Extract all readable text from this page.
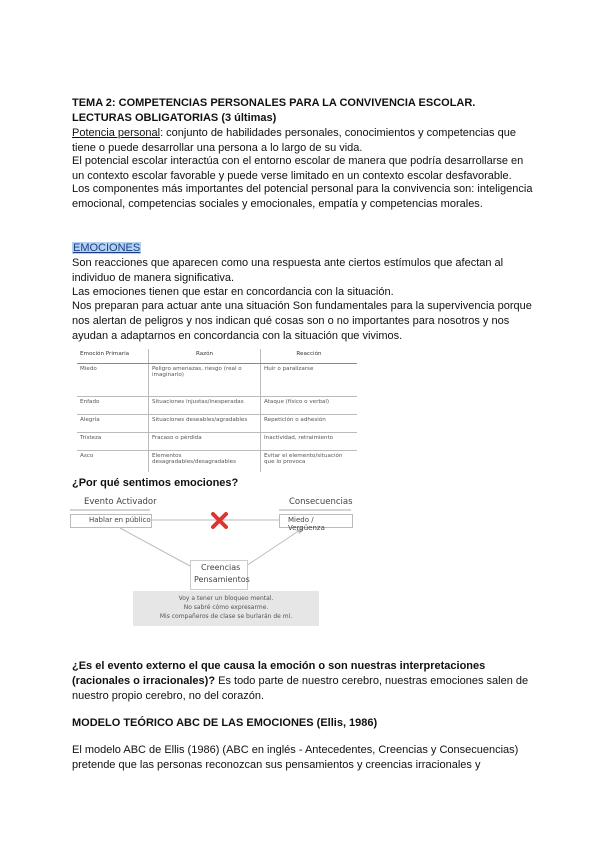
TEMA 2: COMPETENCIAS PERSONALES PARA LA CONVIVENCIA ESCOLAR.
LECTURAS OBLIGATORIAS (3 últimas)

Potencia personal: conjunto de habilidades personales, conocimientos y competencias que tiene o puede desarrollar una persona a lo largo de su vida.

El potencial escolar interactúa con el entorno escolar de manera que podría desarrollarse en un contexto escolar favorable y puede verse limitado en un contexto escolar desfavorable.

Los componentes más importantes del potencial personal para la convivencia son: inteligencia emocional, competencias sociales y emocionales, empatía y competencias morales.

EMOCIONES

Son reacciones que aparecen como una respuesta ante ciertos estímulos que afectan al individuo de manera significativa.

Las emociones tienen que estar en concordancia con la situación.

Nos preparan para actuar ante una situación Son fundamentales para la supervivencia porque nos alertan de peligros y nos indican qué cosas son o no importantes para nosotros y nos ayudan a adaptarnos en concordancia con la situación que vivimos.

Emoción Primaria	Razón	Reacción
Miedo	Peligro amenazas, riesgo (real o imaginario)	Huir o paralizarse
Enfado	Situaciones injustas/inesperadas	Ataque (físico o verbal)
Alegría	Situaciones deseables/agradables	Repetición o adhesión
Tristeza	Fracaso o pérdida	Inactividad, retraimiento
Asco	Elementos desagradables/desagradables	Evitar el elemento/situación que lo provoca

¿Por qué sentimos emociones?

Evento Activador
Hablar en público
Consecuencias
Miedo / Vergüenza
Creencias
Pensamientos
Voy a tener un bloqueo mental.
No sabré cómo expresarme.
Mis compañeros de clase se burlarán de mí.

¿Es el evento externo el que causa la emoción o son nuestras interpretaciones (racionales o irracionales)? Es todo parte de nuestro cerebro, nuestras emociones salen de nuestro propio cerebro, no del corazón.

MODELO TEÓRICO ABC DE LAS EMOCIONES (Ellis, 1986)

El modelo ABC de Ellis (1986) (ABC en inglés - Antecedentes, Creencias y Consecuencias) pretende que las personas reconozcan sus pensamientos y creencias irracionales y
